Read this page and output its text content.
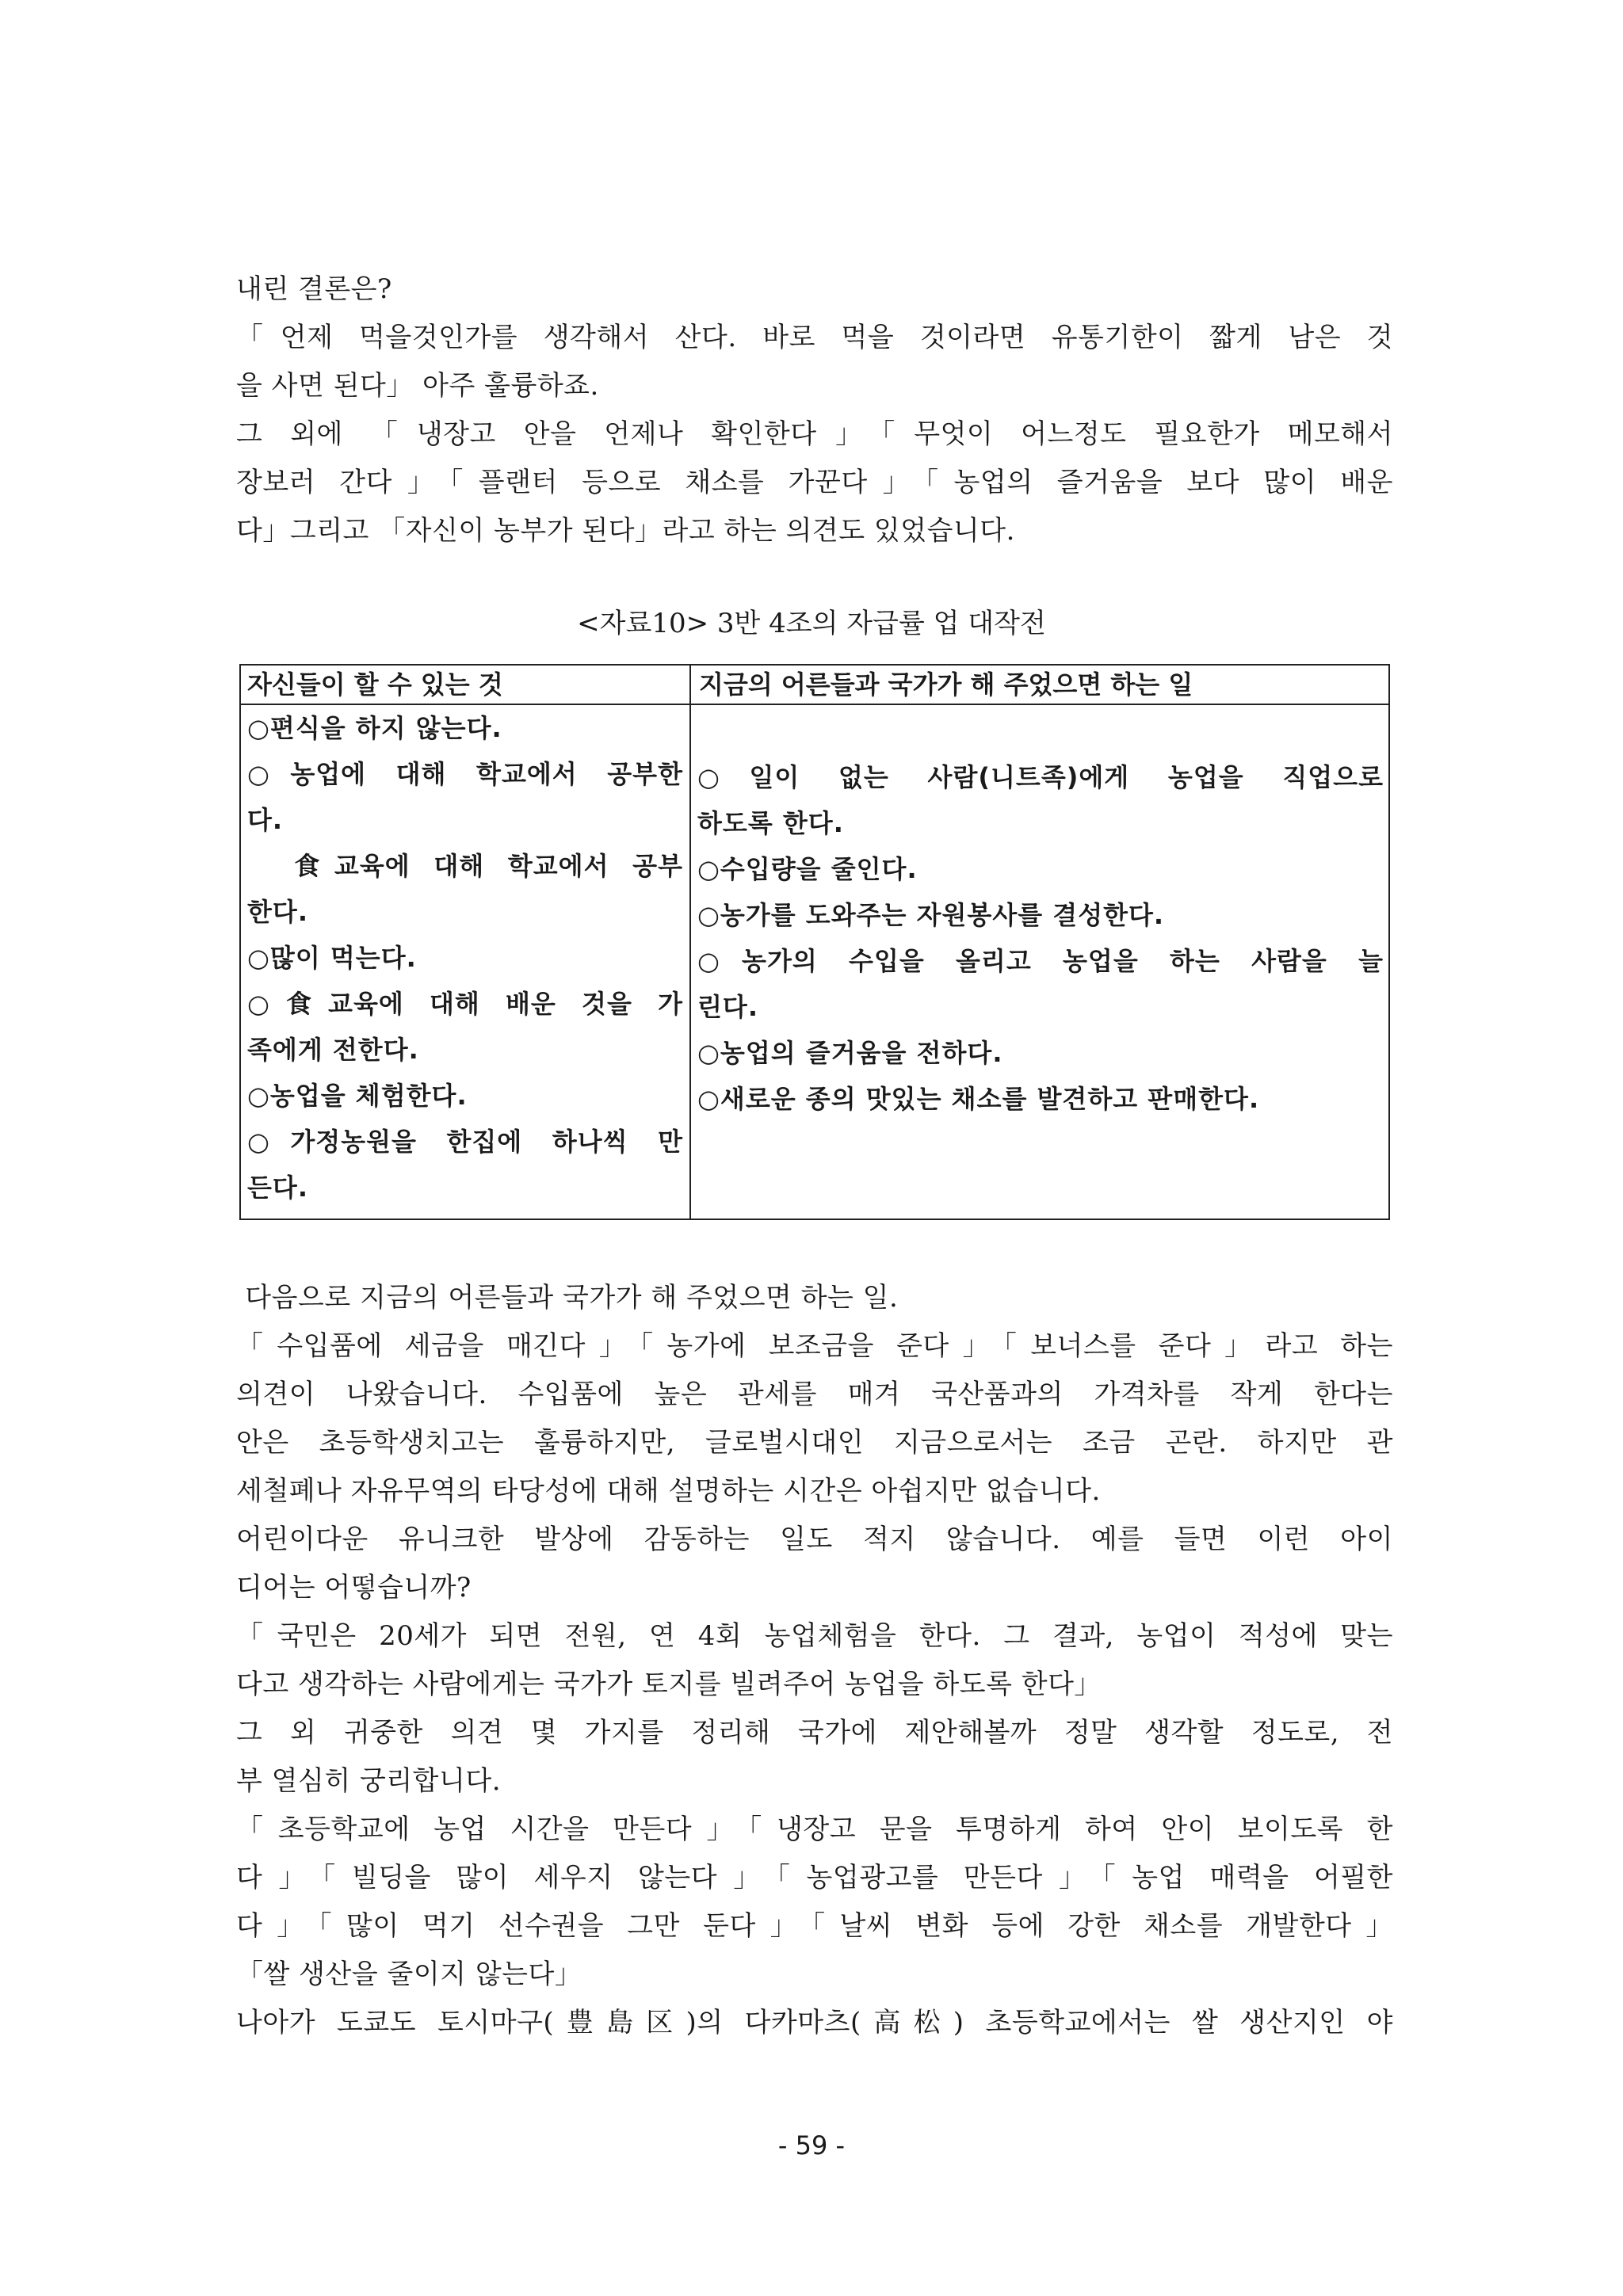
내린 결론은?
「언제 먹을것인가를 생각해서 산다. 바로 먹을 것이라면 유통기한이 짧게 남은 것
을 사면 된다」 아주 훌륭하죠.
그 외에 「냉장고 안을 언제나 확인한다」「무엇이 어느정도 필요한가 메모해서
장보러 간다」「플랜터 등으로 채소를 가꾼다」「농업의 즐거움을 보다 많이 배운
다」그리고 「자신이 농부가 된다」라고 하는 의견도 있었습니다.

<자료10> 3반 4조의 자급률 업 대작전

자신들이 할 수 있는 것	지금의 어른들과 국가가 해 주었으면 하는 일
○편식을 하지 않는다.
○농업에 대해 학교에서 공부한
다.
食교육에 대해 학교에서 공부
한다.
○많이 먹는다.
○食교육에 대해 배운 것을 가
족에게 전한다.
○농업을 체험한다.
○가정농원을 한집에 하나씩 만
든다.
○일이 없는 사람(니트족)에게 농업을 직업으로
하도록 한다.
○수입량을 줄인다.
○농가를 도와주는 자원봉사를 결성한다.
○농가의 수입을 올리고 농업을 하는 사람을 늘
린다.
○농업의 즐거움을 전하다.
○새로운 종의 맛있는 채소를 발견하고 판매한다.
다음으로 지금의 어른들과 국가가 해 주었으면 하는 일.
「수입품에 세금을 매긴다」「농가에 보조금을 준다」「보너스를 준다」라고 하는
의견이 나왔습니다. 수입품에 높은 관세를 매겨 국산품과의 가격차를 작게 한다는
안은 초등학생치고는 훌륭하지만, 글로벌시대인 지금으로서는 조금 곤란. 하지만 관
세철폐나 자유무역의 타당성에 대해 설명하는 시간은 아쉽지만 없습니다.
어린이다운 유니크한 발상에 감동하는 일도 적지 않습니다. 예를 들면 이런 아이
디어는 어떻습니까?
「국민은 20세가 되면 전원, 연 4회 농업체험을 한다. 그 결과, 농업이 적성에 맞는
다고 생각하는 사람에게는 국가가 토지를 빌려주어 농업을 하도록 한다」
그 외 귀중한 의견 몇 가지를 정리해 국가에 제안해볼까 정말 생각할 정도로, 전
부 열심히 궁리합니다.
「초등학교에 농업 시간을 만든다」「냉장고 문을 투명하게 하여 안이 보이도록 한
다」「빌딩을 많이 세우지 않는다」「농업광고를 만든다」「농업 매력을 어필한
다」「많이 먹기 선수권을 그만 둔다」「날씨 변화 등에 강한 채소를 개발한다」
「쌀 생산을 줄이지 않는다」
나아가 도쿄도 토시마구(豊島区)의 다카마츠(高松) 초등학교에서는 쌀 생산지인 야
- 59 -
